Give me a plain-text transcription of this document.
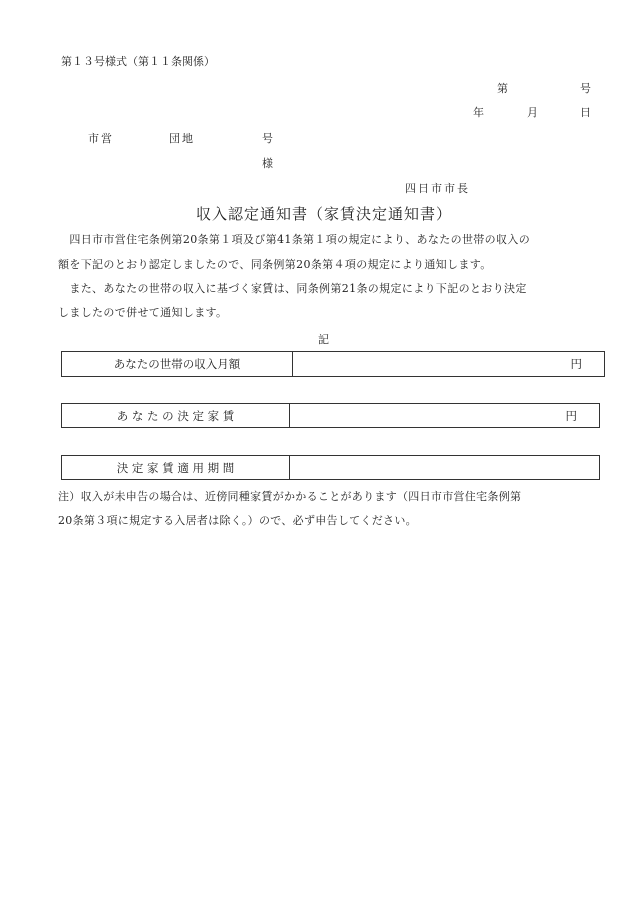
第１３号様式（第１１条関係）
第	号
年	月	日
市営	団地	号
様
四日市市長
収入認定通知書（家賃決定通知書）
　四日市市営住宅条例第20条第１項及び第41条第１項の規定により、あなたの世帯の収入の
額を下記のとおり認定しましたので、同条例第20条第４項の規定により通知します。
　また、あなたの世帯の収入に基づく家賃は、同条例第21条の規定により下記のとおり決定
しましたので併せて通知します。
記
あなたの世帯の収入月額	円
あ な た の 決 定 家 賃	円
決 定 家 賃 適 用 期 間
注）収入が未申告の場合は、近傍同種家賃がかかることがあります（四日市市営住宅条例第
20条第３項に規定する入居者は除く。）ので、必ず申告してください。
